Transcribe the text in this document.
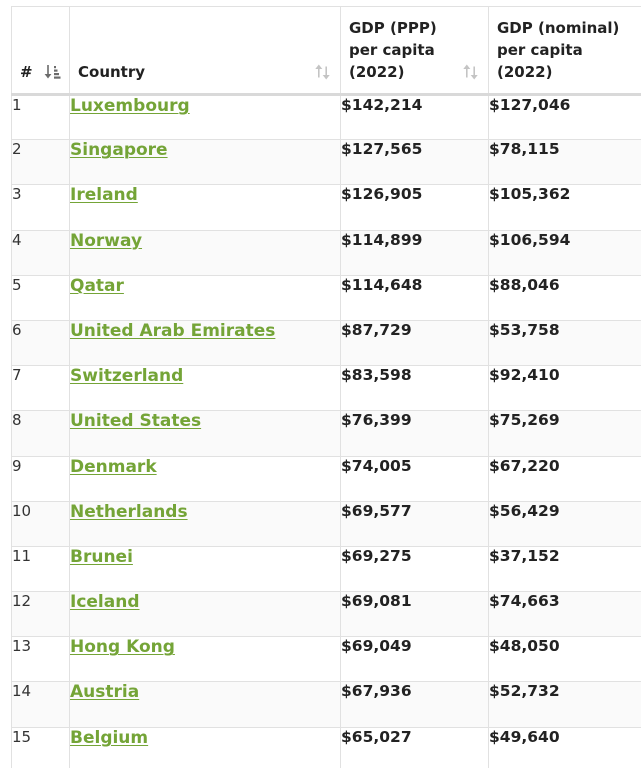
#	Country	GDP (PPP)
per capita
(2022)	GDP (nominal)
per capita
(2022)

1	Luxembourg	$142,214	$127,046
2	Singapore	$127,565	$78,115
3	Ireland	$126,905	$105,362
4	Norway	$114,899	$106,594
5	Qatar	$114,648	$88,046
6	United Arab Emirates	$87,729	$53,758
7	Switzerland	$83,598	$92,410
8	United States	$76,399	$75,269
9	Denmark	$74,005	$67,220
10	Netherlands	$69,577	$56,429
11	Brunei	$69,275	$37,152
12	Iceland	$69,081	$74,663
13	Hong Kong	$69,049	$48,050
14	Austria	$67,936	$52,732
15	Belgium	$65,027	$49,640
